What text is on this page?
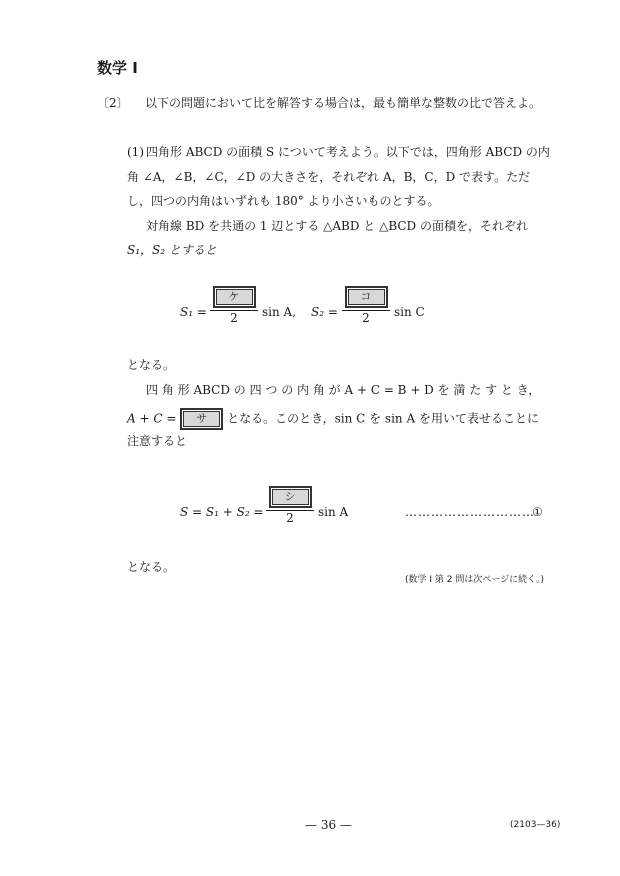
数学 I
〔2〕 以下の問題において比を解答する場合は，最も簡単な整数の比で答えよ。
(1) 四角形 ABCD の面積 S について考えよう。以下では，四角形 ABCD の内
角 ∠A，∠B，∠C，∠D の大きさを，それぞれ A，B，C，D で表す。ただ
し，四つの内角はいずれも 180° より小さいものとする。
対角線 BD を共通の 1 辺とする △ABD と △BCD の面積を，それぞれ
S₁，S₂ とすると
S₁ =
ケ
2	sin A, S₂ =
コ
2	sin C
となる。
四 角 形 ABCD の 四 つ の 内 角 が A + C = B + D を 満 た す と き，
A + C =	サ	となる。このとき，sin C を sin A を用いて表せることに
注意すると
S = S₁ + S₂ =
シ
2	sin A	…………………………
①
となる。
(数学 I 第 2 問は次ページに続く。)
— 36 —	(2103—36)
